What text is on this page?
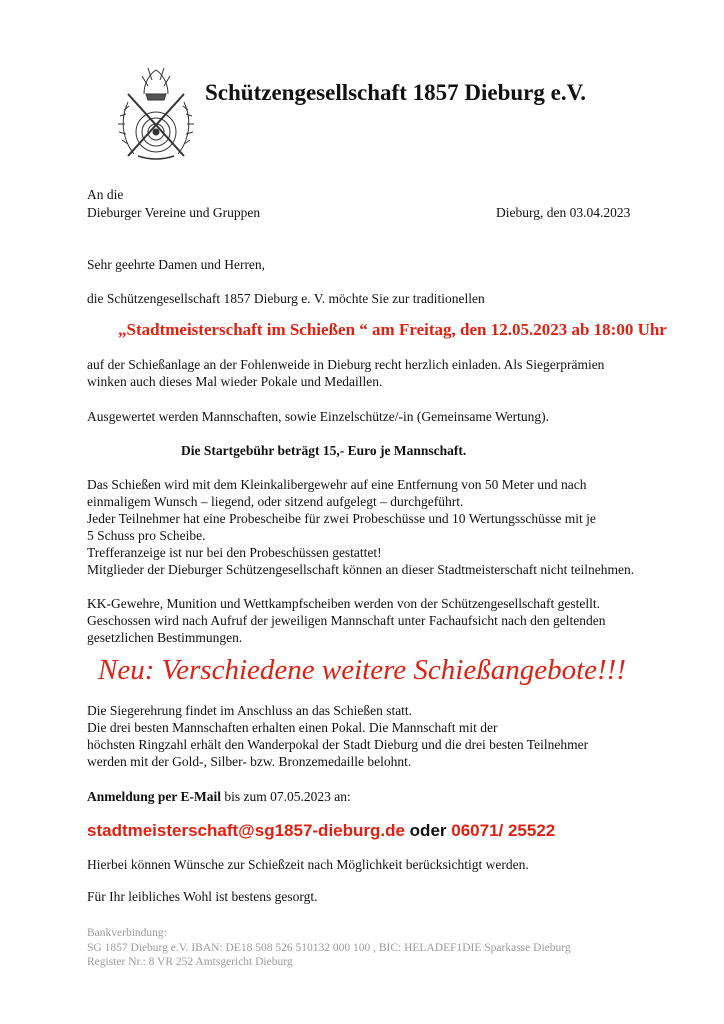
Schützengesellschaft 1857 Dieburg e.V.
An die
Dieburger Vereine und Gruppen	Dieburg, den 03.04.2023
Sehr geehrte Damen und Herren,
die Schützengesellschaft 1857 Dieburg e. V. möchte Sie zur traditionellen
„Stadtmeisterschaft im Schießen “ am Freitag, den 12.05.2023 ab 18:00 Uhr
auf der Schießanlage an der Fohlenweide in Dieburg recht herzlich einladen. Als Siegerprämien
winken auch dieses Mal wieder Pokale und Medaillen.
Ausgewertet werden Mannschaften, sowie Einzelschütze/-in (Gemeinsame Wertung).
Die Startgebühr beträgt 15,- Euro je Mannschaft.
Das Schießen wird mit dem Kleinkalibergewehr auf eine Entfernung von 50 Meter und nach
einmaligem Wunsch – liegend, oder sitzend aufgelegt – durchgeführt.
Jeder Teilnehmer hat eine Probescheibe für zwei Probeschüsse und 10 Wertungsschüsse mit je
5 Schuss pro Scheibe.
Trefferanzeige ist nur bei den Probeschüssen gestattet!
Mitglieder der Dieburger Schützengesellschaft können an dieser Stadtmeisterschaft nicht teilnehmen.
KK-Gewehre, Munition und Wettkampfscheiben werden von der Schützengesellschaft gestellt.
Geschossen wird nach Aufruf der jeweiligen Mannschaft unter Fachaufsicht nach den geltenden
gesetzlichen Bestimmungen.
Neu: Verschiedene weitere Schießangebote!!!
Die Siegerehrung findet im Anschluss an das Schießen statt.
Die drei besten Mannschaften erhalten einen Pokal. Die Mannschaft mit der
höchsten Ringzahl erhält den Wanderpokal der Stadt Dieburg und die drei besten Teilnehmer
werden mit der Gold-, Silber- bzw. Bronzemedaille belohnt.
Anmeldung per E-Mail bis zum 07.05.2023 an:
stadtmeisterschaft@sg1857-dieburg.de oder 06071/ 25522
Hierbei können Wünsche zur Schießzeit nach Möglichkeit berücksichtigt werden.
Für Ihr leibliches Wohl ist bestens gesorgt.
Bankverbindung:
SG 1857 Dieburg e.V. IBAN: DE18 508 526 510132 000 100 , BIC: HELADEF1DIE Sparkasse Dieburg
Register Nr.: 8 VR 252 Amtsgericht Dieburg
